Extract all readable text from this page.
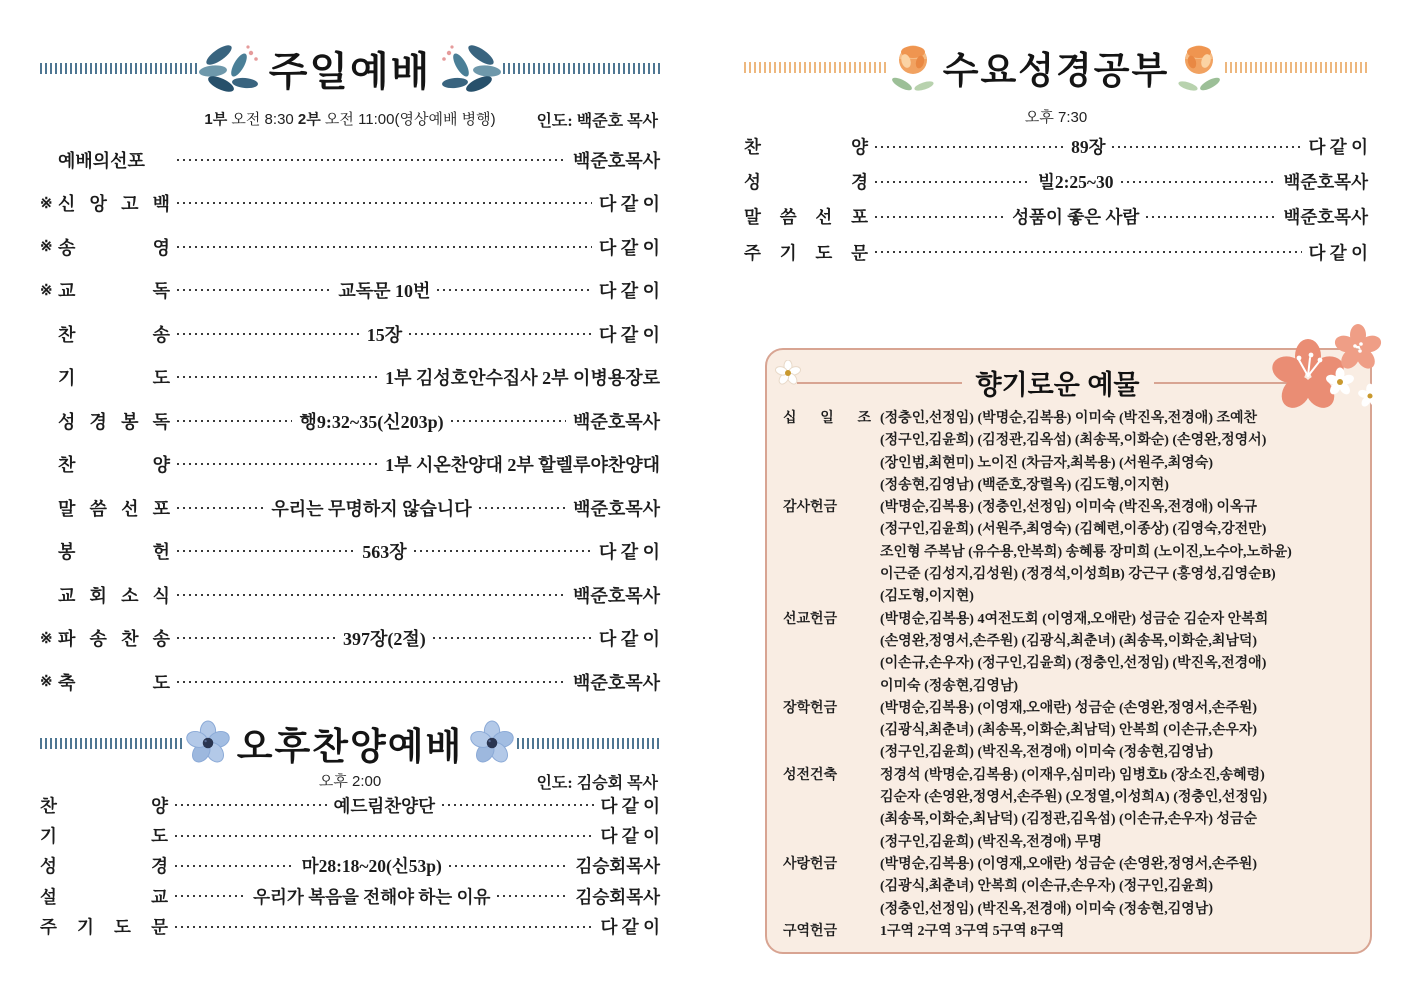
주일예배
1부 오전 8:30 2부 오전 11:00(영상예배 병행)	인도: 백준호 목사
예배의선포	백준호목사
※ 신 앙 고 백	다 같 이
※ 송 영	다 같 이
※ 교 독	교독문 10번	다 같 이
찬 송	15장	다 같 이
기 도	1부 김성호안수집사 2부 이병용장로
성 경 봉 독	행9:32~35(신203p)	백준호목사
찬 양	1부 시온찬양대 2부 할렐루야찬양대
말 씀 선 포	우리는 무명하지 않습니다	백준호목사
봉 헌	563장	다 같 이
교 회 소 식	백준호목사
※ 파 송 찬 송	397장(2절)	다 같 이
※ 축 도	백준호목사
오후찬양예배
오후 2:00	인도: 김승회 목사
찬 양	예드림찬양단	다 같 이
기 도	다 같 이
성 경	마28:18~20(신53p)	김승회목사
설 교	우리가 복음을 전해야 하는 이유	김승회목사
주 기 도 문	다 같 이
수요성경공부
오후 7:30
찬 양	89장	다 같 이
성 경	빌2:25~30	백준호목사
말 씀 선 포	성품이 좋은 사람	백준호목사
주 기 도 문	다 같 이
향기로운 예물
십 일 조 (정충인,선정임) (박명순,김복용) 이미숙 (박진옥,전경애) 조예찬
(정구인,김윤희) (김정관,김옥섬) (최송목,이화순) (손영완,정영서)
(장인범,최현미) 노이진 (차금자,최복용) (서원주,최영숙)
(정송현,김영남) (백준호,장렬옥) (김도형,이지현)
감사헌금	(박명순,김복용) (정충인,선정임) 이미숙 (박진옥,전경애) 이옥규
(정구인,김윤희) (서원주,최영숙) (김혜련,이종상) (김영숙,강전만)
조인형 주복남 (유수용,안복희) 송혜룡 장미희 (노이진,노수아,노하윤)
이근준 (김성지,김성원) (정경석,이성희B) 강근구 (홍영성,김영순B)
(김도형,이지현)
선교헌금	(박명순,김복용) 4여전도회 (이영재,오애란) 성금순 김순자 안복희
(손영완,정영서,손주원) (김광식,최춘녀) (최송목,이화순,최남덕)
(이손규,손우자) (정구인,김윤희) (정충인,선정임) (박진옥,전경애)
이미숙 (정송현,김영남)
장학헌금	(박명순,김복용) (이영재,오애란) 성금순 (손영완,정영서,손주원)
(김광식,최춘녀) (최송목,이화순,최남덕) 안복희 (이손규,손우자)
(정구인,김윤희) (박진옥,전경애) 이미숙 (정송현,김영남)
성전건축	정경석 (박명순,김복용) (이재우,심미라) 임병호b (장소진,송혜령)
김순자 (손영완,정영서,손주원) (오정열,이성희A) (정충인,선정임)
(최송목,이화순,최남덕) (김정관,김옥섬) (이손규,손우자) 성금순
(정구인,김윤희) (박진옥,전경애) 무명
사랑헌금	(박명순,김복용) (이영재,오애란) 성금순 (손영완,정영서,손주원)
(김광식,최춘녀) 안복희 (이손규,손우자) (정구인,김윤희)
(정충인,선정임) (박진옥,전경애) 이미숙 (정송현,김영남)
구역헌금	1구역 2구역 3구역 5구역 8구역
